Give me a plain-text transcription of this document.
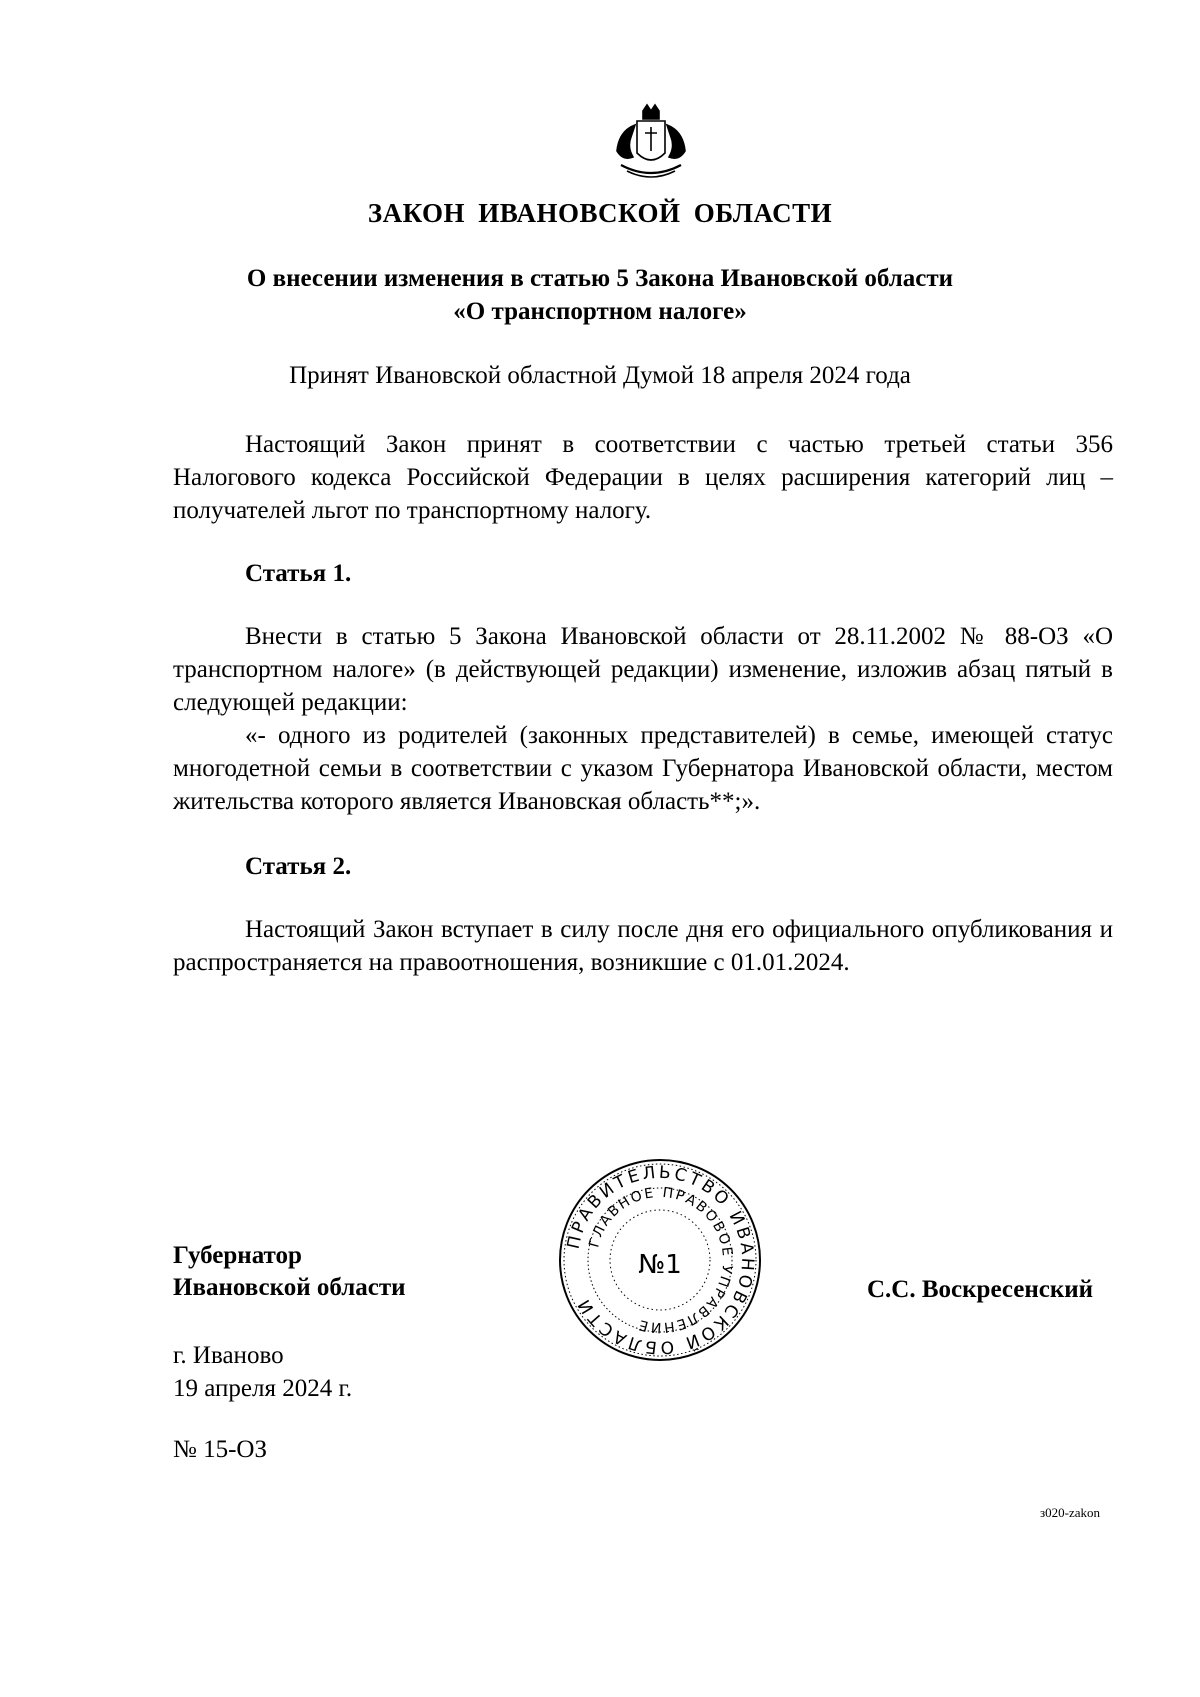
ЗАКОН ИВАНОВСКОЙ ОБЛАСТИ
О внесении изменения в статью 5 Закона Ивановской области
«О транспортном налоге»
Принят Ивановской областной Думой 18 апреля 2024 года

Настоящий Закон принят в соответствии с частью третьей статьи 356 Налогового кодекса Российской Федерации в целях расширения категорий лиц – получателей льгот по транспортному налогу.

Статья 1.

Внести в статью 5 Закона Ивановской области от 28.11.2002 № 88-ОЗ «О транспортном налоге» (в действующей редакции) изменение, изложив абзац пятый в следующей редакции:

«- одного из родителей (законных представителей) в семье, имеющей статус многодетной семьи в соответствии с указом Губернатора Ивановской области, местом жительства которого является Ивановская область**;».

Статья 2.

Настоящий Закон вступает в силу после дня его официального опубликования и распространяется на правоотношения, возникшие с 01.01.2024.

Губернатор
Ивановской области
ПРАВИТЕЛЬСТВО ИВАНОВСКОЙ ОБЛАСТИ
ГЛАВНОЕ ПРАВОВОЕ УПРАВЛЕНИЕ
№1
С.С. Воскресенский
г. Иваново
19 апреля 2024 г.
№ 15-ОЗ
з020-zakon
